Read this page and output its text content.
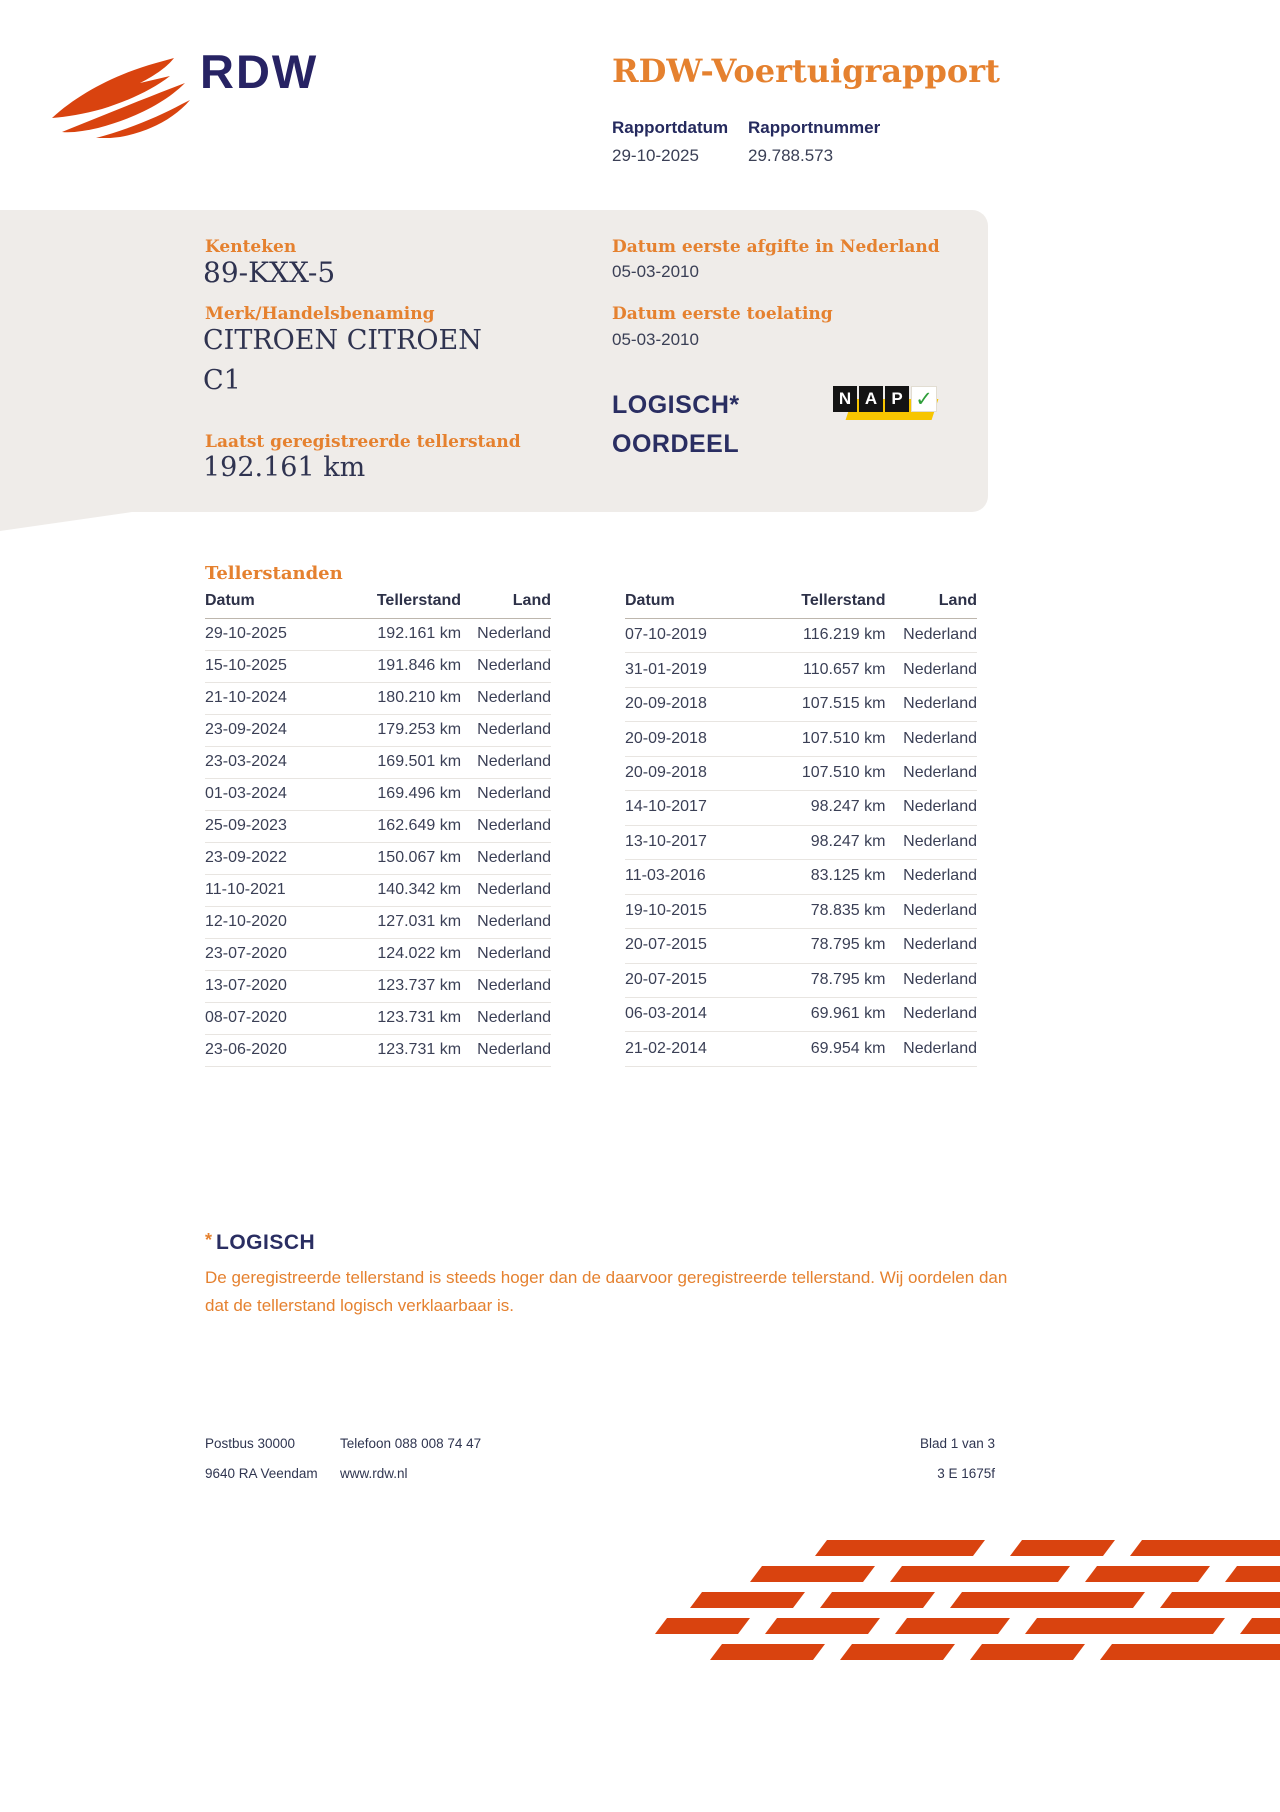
RDW	RDW-Voertuigrapport
Rapportdatum Rapportnummer
29-10-2025	29.788.573
Kenteken
89-KXX-5
Merk/Handelsbenaming
CITROEN CITROEN
C1
Laatst geregistreerde tellerstand
192.161 km
Datum eerste afgifte in Nederland
05-03-2010
Datum eerste toelating
05-03-2010
LOGISCH*
OORDEEL
N A P ✓
Tellerstanden
Datum	Tellerstand	Land
29-10-2025	192.161 km	Nederland
15-10-2025	191.846 km	Nederland
21-10-2024	180.210 km	Nederland
23-09-2024	179.253 km	Nederland
23-03-2024	169.501 km	Nederland
01-03-2024	169.496 km	Nederland
25-09-2023	162.649 km	Nederland
23-09-2022	150.067 km	Nederland
11-10-2021	140.342 km	Nederland
12-10-2020	127.031 km	Nederland
23-07-2020	124.022 km	Nederland
13-07-2020	123.737 km	Nederland
08-07-2020	123.731 km	Nederland
23-06-2020	123.731 km	Nederland
Datum	Tellerstand	Land
07-10-2019	116.219 km	Nederland
31-01-2019	110.657 km	Nederland
20-09-2018	107.515 km	Nederland
20-09-2018	107.510 km	Nederland
20-09-2018	107.510 km	Nederland
14-10-2017	98.247 km	Nederland
13-10-2017	98.247 km	Nederland
11-03-2016	83.125 km	Nederland
19-10-2015	78.835 km	Nederland
20-07-2015	78.795 km	Nederland
20-07-2015	78.795 km	Nederland
06-03-2014	69.961 km	Nederland
21-02-2014	69.954 km	Nederland
* LOGISCH
De geregistreerde tellerstand is steeds hoger dan de daarvoor geregistreerde tellerstand. Wij oordelen dan dat de tellerstand logisch verklaarbaar is.
Postbus 30000
9640 RA Veendam
Telefoon 088 008 74 47
www.rdw.nl
Blad 1 van 3
3 E 1675f
